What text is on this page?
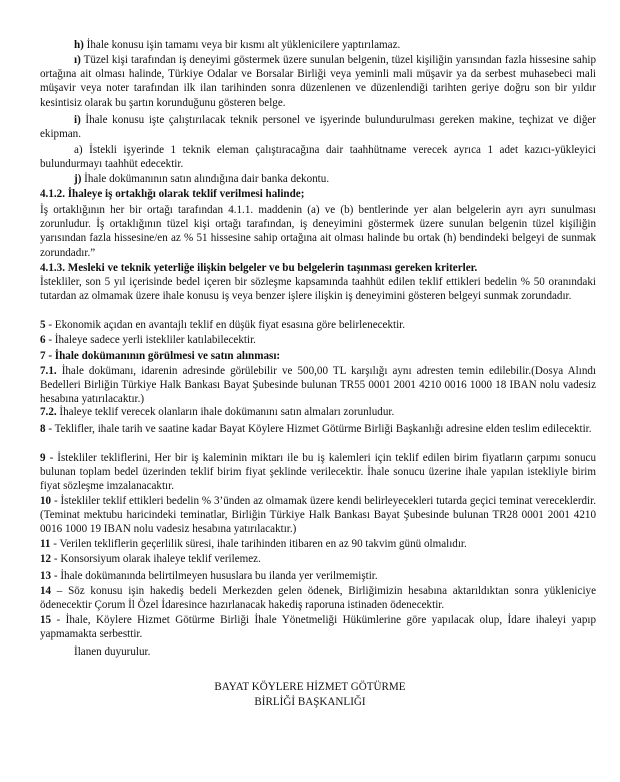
h) İhale konusu işin tamamı veya bir kısmı alt yüklenicilere yaptırılamaz.

ı) Tüzel kişi tarafından iş deneyimi göstermek üzere sunulan belgenin, tüzel kişiliğin yarısından fazla hissesine sahip ortağına ait olması halinde, Türkiye Odalar ve Borsalar Birliği veya yeminli mali müşavir ya da serbest muhasebeci mali müşavir veya noter tarafından ilk ilan tarihinden sonra düzenlenen ve düzenlendiği tarihten geriye doğru son bir yıldır kesintisiz olarak bu şartın korunduğunu gösteren belge.

i) İhale konusu işte çalıştırılacak teknik personel ve işyerinde bulundurulması gereken makine, teçhizat ve diğer ekipman.

a) İstekli işyerinde 1 teknik eleman çalıştıracağına dair taahhütname verecek ayrıca 1 adet kazıcı-yükleyici bulundurmayı taahhüt edecektir.

j) İhale dokümanının satın alındığına dair banka dekontu.

4.1.2. İhaleye iş ortaklığı olarak teklif verilmesi halinde;

İş ortaklığının her bir ortağı tarafından 4.1.1. maddenin (a) ve (b) bentlerinde yer alan belgelerin ayrı ayrı sunulması zorunludur. İş ortaklığının tüzel kişi ortağı tarafından, iş deneyimini göstermek üzere sunulan belgenin tüzel kişiliğin yarısından fazla hissesine/en az % 51 hissesine sahip ortağına ait olması halinde bu ortak (h) bendindeki belgeyi de sunmak zorundadır.”

4.1.3. Mesleki ve teknik yeterliğe ilişkin belgeler ve bu belgelerin taşınması gereken kriterler.

İstekliler, son 5 yıl içerisinde bedel içeren bir sözleşme kapsamında taahhüt edilen teklif ettikleri bedelin % 50 oranındaki tutardan az olmamak üzere ihale konusu iş veya benzer işlere ilişkin iş deneyimini gösteren belgeyi sunmak zorundadır.

5 - Ekonomik açıdan en avantajlı teklif en düşük fiyat esasına göre belirlenecektir.

6 - İhaleye sadece yerli istekliler katılabilecektir.

7 - İhale dokümanının görülmesi ve satın alınması:

7.1. İhale dokümanı, idarenin adresinde görülebilir ve 500,00 TL karşılığı aynı adresten temin edilebilir.(Dosya Alındı Bedelleri Birliğin Türkiye Halk Bankası Bayat Şubesinde bulunan TR55 0001 2001 4210 0016 1000 18 IBAN nolu vadesiz hesabına yatırılacaktır.)

7.2. İhaleye teklif verecek olanların ihale dokümanını satın almaları zorunludur.

8 - Teklifler, ihale tarih ve saatine kadar Bayat Köylere Hizmet Götürme Birliği Başkanlığı adresine elden teslim edilecektir.

9 - İstekliler tekliflerini, Her bir iş kaleminin miktarı ile bu iş kalemleri için teklif edilen birim fiyatların çarpımı sonucu bulunan toplam bedel üzerinden teklif birim fiyat şeklinde verilecektir. İhale sonucu üzerine ihale yapılan istekliyle birim fiyat sözleşme imzalanacaktır.

10 - İstekliler teklif ettikleri bedelin % 3’ünden az olmamak üzere kendi belirleyecekleri tutarda geçici teminat vereceklerdir. (Teminat mektubu haricindeki teminatlar, Birliğin Türkiye Halk Bankası Bayat Şubesinde bulunan TR28 0001 2001 4210 0016 1000 19 IBAN nolu vadesiz hesabına yatırılacaktır.)

11 - Verilen tekliflerin geçerlilik süresi, ihale tarihinden itibaren en az 90 takvim günü olmalıdır.

12 - Konsorsiyum olarak ihaleye teklif verilemez.

13 - İhale dokümanında belirtilmeyen hususlara bu ilanda yer verilmemiştir.

14 – Söz konusu işin hakediş bedeli Merkezden gelen ödenek, Birliğimizin hesabına aktarıldıktan sonra yükleniciye ödenecektir Çorum İl Özel İdaresince hazırlanacak hakediş raporuna istinaden ödenecektir.

15 - İhale, Köylere Hizmet Götürme Birliği İhale Yönetmeliği Hükümlerine göre yapılacak olup, İdare ihaleyi yapıp yapmamakta serbesttir.

İlanen duyurulur.

BAYAT KÖYLERE HİZMET GÖTÜRME

BİRLİĞİ BAŞKANLIĞI
